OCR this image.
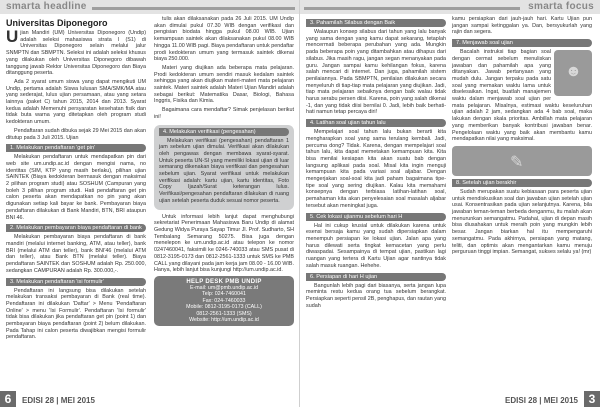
smarta headline
Universitas Diponegoro
U jian Mandiri (UM) Universitas Diponegoro (Undip) adalah seleksi mahasiswa strata I (S1) di Universitas Diponegoro selain melalui jalur SNMPTN dan SBMPTN. Seleksi ini adalah seleksi khusus yang dilakukan oleh Universitas Diponegoro dibawah tanggung jawab Rektor Universitas Diponegoro dan Biaya ditanggung peserta.

Ada 2 syarat umum siswa yang dapat mengikuti UM Undip, pertama adalah Siswa lulusan SMA/SMK/MA atau yang sederajat, lulus ujian persamaan, atau yang setara lainnya (paket C) tahun 2015, 2014 dan 2013. Syarat kedua adalah Memenuhi persyaratan kesehatan fisik dan tidak buta warna yang ditetapkan oleh program studi kedokteran umum.

Pendaftaran sudah dibuka sejak 29 Mei 2015 dan akan ditutup pada 3 Juli 2015. Ujian

1. Melakukan pendaftaran 'get pin'

Melakukan pendaftaran untuk mendapatkan pin dari web site um.undip.ac.id dengan mengisi nama, no identitas (SIM, KTP yang masih berlaku), pilihan ujian SAINTEK (Biaya kedokteran bermasuk dengan maksimal 2 pilihan program studi) atau SOSHUM (Campuran yang boleh 3 pilihan program studi. Hati pendaftaran get pin calon peserta akan mendapatkan no pin yang akan digunakan setiap kali bayar ke bank. Pembayaran biaya pendaftaran dilakukan di Bank Mandiri, BTN, BRI ataupun BNI 46.

2. Melakukan pembayaran biaya pendaftaran di bank

Melakukan pembayaran biaya pendaftaran di bank mandiri (melalui internet banking, ATM, atau teller), bank BRI (melalui ATM dan teller), bank BNI'46 (melalui ATM dan teller), atau Bank BTN (melalui teller). Biaya pendaftaran SAINTEK dan SOSHUM adalah Rp. 250.000, sedangkan CAMPURAN adalah Rp. 300.000,-.

3. Melakukan pendaftaran 'isi formulir'

Pendaftaran ini langsung bisa dilakukan setelah melakukan transaksi pembayaran di Bank (real time). Pendaftaran ini dilakukan 'Daftar' > Menu 'Pendaftaran Online' > menu 'Isi Formulir'. Pendaftaran 'Isi formulir' tidak bisa dilakukan jika pendaftaran get pin (point 1) dan pembayaran biaya pendaftaran (point 2) belum dilakukan. Pada Tahap ini calon peserta diwajibkan mengisi formulir pendaftaran.

tulis akan dilaksanakan pada 26 Juli 2015. UM Undip akan dimulai pukul 07.30 WIB dengan verifikasi dan pengisian biodata hingga pukul 08.00 WIB. Ujian kemampuan saintek akan dilaksanakan pukul 08.00 WIB hingga 11.00 WIB pagi. Biaya pendaftaran untuk pendaftar prodi kedokteran umum yang termasuk saintek dikenai biaya 250.000.

Materi yang diujikan ada beberapa mata pelajaran. Prodi kedokteran umum sendiri masuk kedalam saintek sehingga yang akan diujikan materi-materi mata pelajaran saintek. Materi saintek adalah Materi Ujian Mandiri adalah sebagai berikut: Matematika Dasar, Biologi, Bahasa Inggris, Fisika dan Kimia.

Bagaimana cara mendaftar? Simak penjelasan berikut ini!

4. Melakukan verifikasi (pengesahan)

Melakukan verifikasi (pengesahan) pendaftaran 1 jam sebelum ujian dimulai. Verifikasi akan dilakukan oleh pengawas dengan membawa syarat-syarat. Untuk peserta UN-SI yang memiliki lokasi ujian di luar semarang dikenakan biaya verifikasi dan pengesahan sebelum ujian. Syarat verifikasi untuk melakukan verifikasi adalah: kartu ujian, kartu identitas, Foto Copy Ijazah/Surat keterangan lulus. Verifikasi/pengesahan pendaftaran dilakukan di ruang ujian setelah peserta duduk sesuai nomor peserta.

Untuk informasi lebih lanjut dapat menghubungi sekretariat Penerimaan Mahasiswa Baru Undip di alamat Gedung Widya Puraya Sayap Timur Jl. Prof. Sudharto, SH Tembalang Semarang 50275. Bisa juga dengan menelepon ke um.undip.ac.id atau telepon ke nomor 0247460041, faksimili ke 0246-740033 atau SMS pusat di 0812-3195-0173 dan 0812-2561-1333 untuk SMS ke PMB CALL yang dilayani pada jam kerja jam 08.00 - 16.00 WIB. Hanya, lebih lanjut bisa kunjungi http://um.undip.ac.id.

HELP DESK PMB UNDIP
E-mail: um@pmb.undip.ac.id
Telp: 024-7460041
Fax: 024-7460033
Mobile: 0812-3195-0173 (CALL)
0812-2561-1333 (SMS)
Website: http://um.undip.ac.id
6	EDISI 28 | MEI 2015
smarta focus
3. Pahamilah Silabus dengan Baik

Walaupun konsep silabus dari tahun yang lalu banyak yang sama dengan yang kamu dapat sekarang, tetaplah mencermati beberapa perubahan yang ada. Mungkin pada beberapa poin yang ditambahkan atau dihapus dari silabus. Jika masih ragu, jangan segan menanyakan pada guru. Jangan sampai kamu kehilangan fokus, karena salah mencari di internet. Dan juga, pahamilah sistem penilaiannya. Pada SBMPTN, penilaian dilakukan secara menyeluruh di tiap-tiap mata pelajaran yang diujikan. Jadi, tiap mata pelajaran sebaiknya dengan baik walau tidak harus serabu persen diisi. Karena, poin yang salah dikenai -1, dan yang tidak diisi bernilai 0. Jadi, lebih baik berhati-hati namun tetap percaya diri!

4. Latihan soal ujian tahun lalu

Mempelajari soal tahun lalu bukan berarti kita mengharapkan soal yang sama terulang kembali. Jadi, percuma dong? Tidak. Karena, dengan mempelajari soal tahun lalu, kita dapat memetakan kemampuan kita. Kita bisa menilai kesiapan kita akan suatu bab dengan langsung aplikasi pada soal. Misal kita ingin menguji kemampuan kita pada variasi soal aljabar. Dengan mengerjakan soal-soal kita jadi paham bagaimana tipe-tipe soal yang sering diujikan. Kalau kita memahami konsepnya dengan terbiasa latihan-latihan soal, pemahaman kita akan penyelesaian soal masalah aljabar tersebut akan meningkat juga.

5. Cek lokasi ujianmu sebelum hari H

Hal ini cukup krusial untuk dilakukan karena untuk esensi bersaja kamu yang sudah dipersiapkan dalam menempuh persiapan ke lokasi ujian. Jalan apa yang harus dilewati serta tingkat kemacetan yang perlu diwaspadai. Sesampainya di tempat ujian, pastikan lagi ruangan yang tertera di Kartu Ujian agar nantinya tidak salah masuk ruangan. Hehehe.

6. Persiapan di hari H ujian

Bangunlah lebih pagi dari biasanya, serta jangan lupa meminta restu kedua orang tua sebelum berangkat. Persiapkan seperti pensil 2B, penghapus, dan rautan yang sudah

kamu persiapkan dari jauh-jauh hari. Kartu Ujian pun jangan sampai ketinggalan ya. Dan, bersyukurlah yang rajin dan segera.

7. Menjawab soal ujian
☻

Bacalah instruksi tiap bagian soal dengan cermat sebelum menuliskan jawaban dan pahamilah apa yang ditanyakan. Jawab pertanyaan yang mudah dulu. Jangan terpaku pada satu soal yang memakan waktu lama untuk diselesaikan. Ingat, buatlah manajemen waktu dalam menjawab soal ujian per mata pelajaran. Misalnya, estimasi waktu keseluruhan ujian adalah 2 jam, sedangkan ada 4 bab soal, maka lakukan dengan skala prioritas. Ambillah mata pelajaran yang memberikan banyak kontribusi jawaban benar. Pengelolaan waktu yang baik akan membantu kamu mendapatkan nilai yang maksimal.

✎
8. Setelah ujian berakhir

Sudah merupakan suatu kebiasaan para peserta ujian untuk mendiskusikan soal dan jawaban ujian setelah ujian usai. Konsentrasikan pada ujian selanjutnya. Karena, bila jawaban teman-teman berbeda denganmu, itu malah akan menurunkan semangatmu. Padahal, ujian di depan masih bisa diusahakan untuk meraih poin yang mungkin lebih besar. Jangan biarkan hal itu mempengaruhi semangatmu. Pada akhirnya, persiapan yang matang, teliti, dan optimis akan mengantarkan kamu menuju perguruan tinggi impian. Semangat, sukses selalu ya! (mr)

EDISI 28 | MEI 2015 3
